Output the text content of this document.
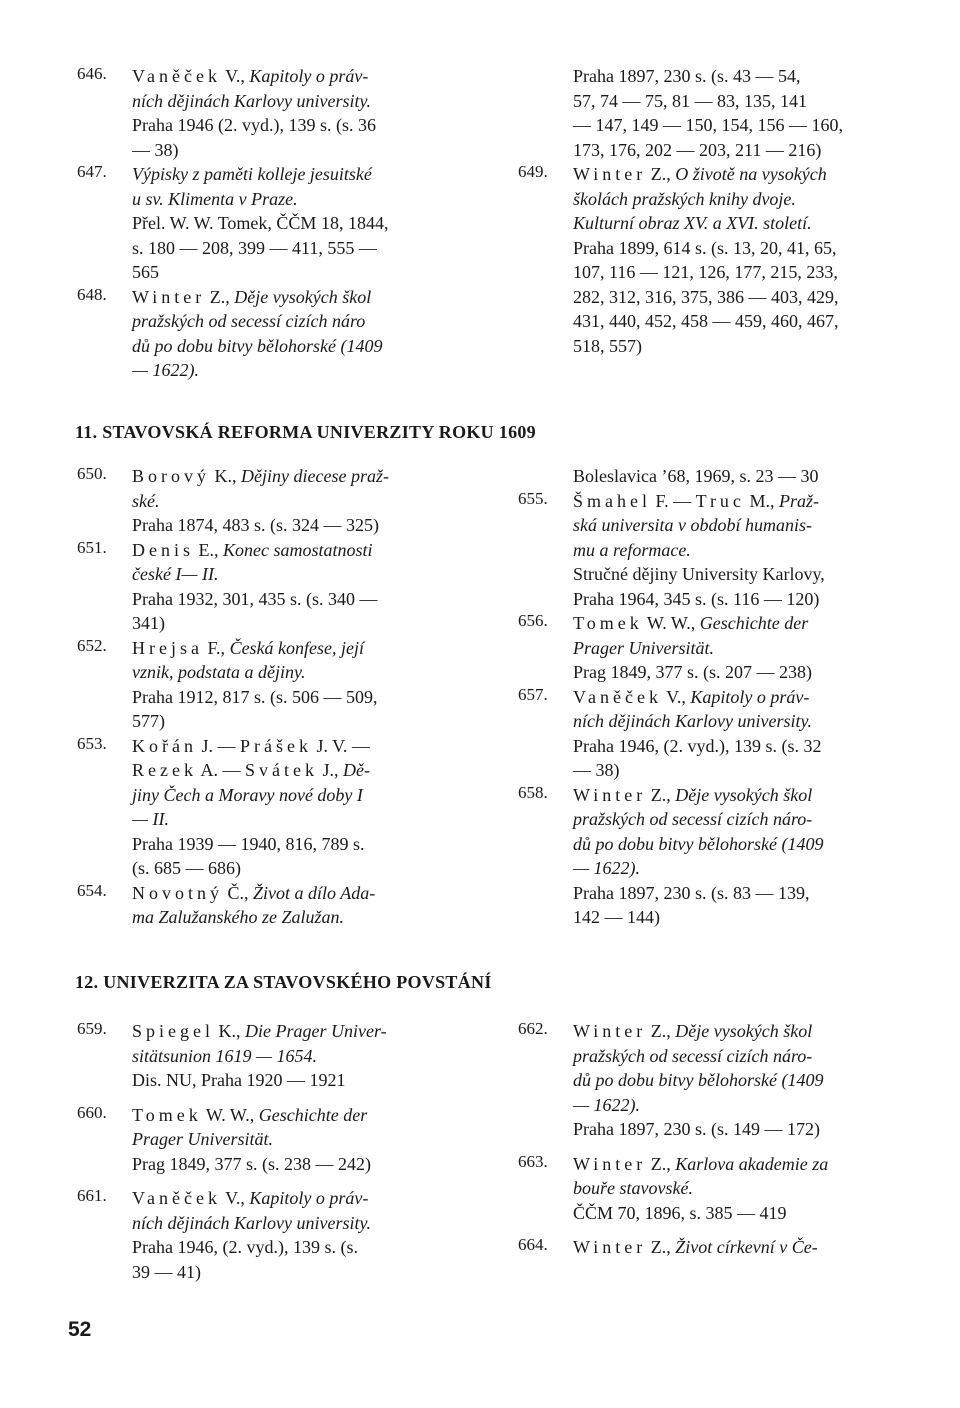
646. Vaněček V., Kapitoly o práv-
ních dějinách Karlovy university.
Praha 1946 (2. vyd.), 139 s. (s. 36
— 38)
647. Výpisky z paměti kolleje jesuitské
u sv. Klimenta v Praze.
Přel. W. W. Tomek, ČČM 18, 1844,
s. 180 — 208, 399 — 411, 555 —
565
648. Winter Z., Děje vysokých škol
pražských od secessí cizích náro
dů po dobu bitvy bělohorské (1409
— 1622).
Praha 1897, 230 s. (s. 43 — 54,
57, 74 — 75, 81 — 83, 135, 141
— 147, 149 — 150, 154, 156 — 160,
173, 176, 202 — 203, 211 — 216)
649. Winter Z., O životě na vysokých
školách pražských knihy dvoje.
Kulturní obraz XV. a XVI. století.
Praha 1899, 614 s. (s. 13, 20, 41, 65,
107, 116 — 121, 126, 177, 215, 233,
282, 312, 316, 375, 386 — 403, 429,
431, 440, 452, 458 — 459, 460, 467,
518, 557)
11. STAVOVSKÁ REFORMA UNIVERZITY ROKU 1609
650. Borový K., Dějiny diecese praž-
ské.
Praha 1874, 483 s. (s. 324 — 325)
651. Denis E., Konec samostatnosti
české I— II.
Praha 1932, 301, 435 s. (s. 340 —
341)
652. Hrejsa F., Česká konfese, její
vznik, podstata a dějiny.
Praha 1912, 817 s. (s. 506 — 509,
577)
653. Kořán J. — Prášek J. V. —
Rezek A. — Svátek J., Dě-
jiny Čech a Moravy nové doby I
— II.
Praha 1939 — 1940, 816, 789 s.
(s. 685 — 686)
654. Novotný Č., Život a dílo Ada-
ma Zalužanského ze Zalužan.
Boleslavica ’68, 1969, s. 23 — 30
655. Šmahel F. — Truc M., Praž-
ská universita v období humanis-
mu a reformace.
Stručné dějiny University Karlovy,
Praha 1964, 345 s. (s. 116 — 120)
656. Tomek W. W., Geschichte der
Prager Universität.
Prag 1849, 377 s. (s. 207 — 238)
657. Vaněček V., Kapitoly o práv-
ních dějinách Karlovy university.
Praha 1946, (2. vyd.), 139 s. (s. 32
— 38)
658. Winter Z., Děje vysokých škol
pražských od secessí cizích náro-
dů po dobu bitvy bělohorské (1409
— 1622).
Praha 1897, 230 s. (s. 83 — 139,
142 — 144)
12. UNIVERZITA ZA STAVOVSKÉHO POVSTÁNÍ
659. Spiegel K., Die Prager Univer-
sitätsunion 1619 — 1654.
Dis. NU, Praha 1920 — 1921
660. Tomek W. W., Geschichte der
Prager Universität.
Prag 1849, 377 s. (s. 238 — 242)
661. Vaněček V., Kapitoly o práv-
ních dějinách Karlovy university.
Praha 1946, (2. vyd.), 139 s. (s.
39 — 41)
662. Winter Z., Děje vysokých škol
pražských od secessí cizích náro-
dů po dobu bitvy bělohorské (1409
— 1622).
Praha 1897, 230 s. (s. 149 — 172)
663. Winter Z., Karlova akademie za
bouře stavovské.
ČČM 70, 1896, s. 385 — 419
664. Winter Z., Život církevní v Če-
52
